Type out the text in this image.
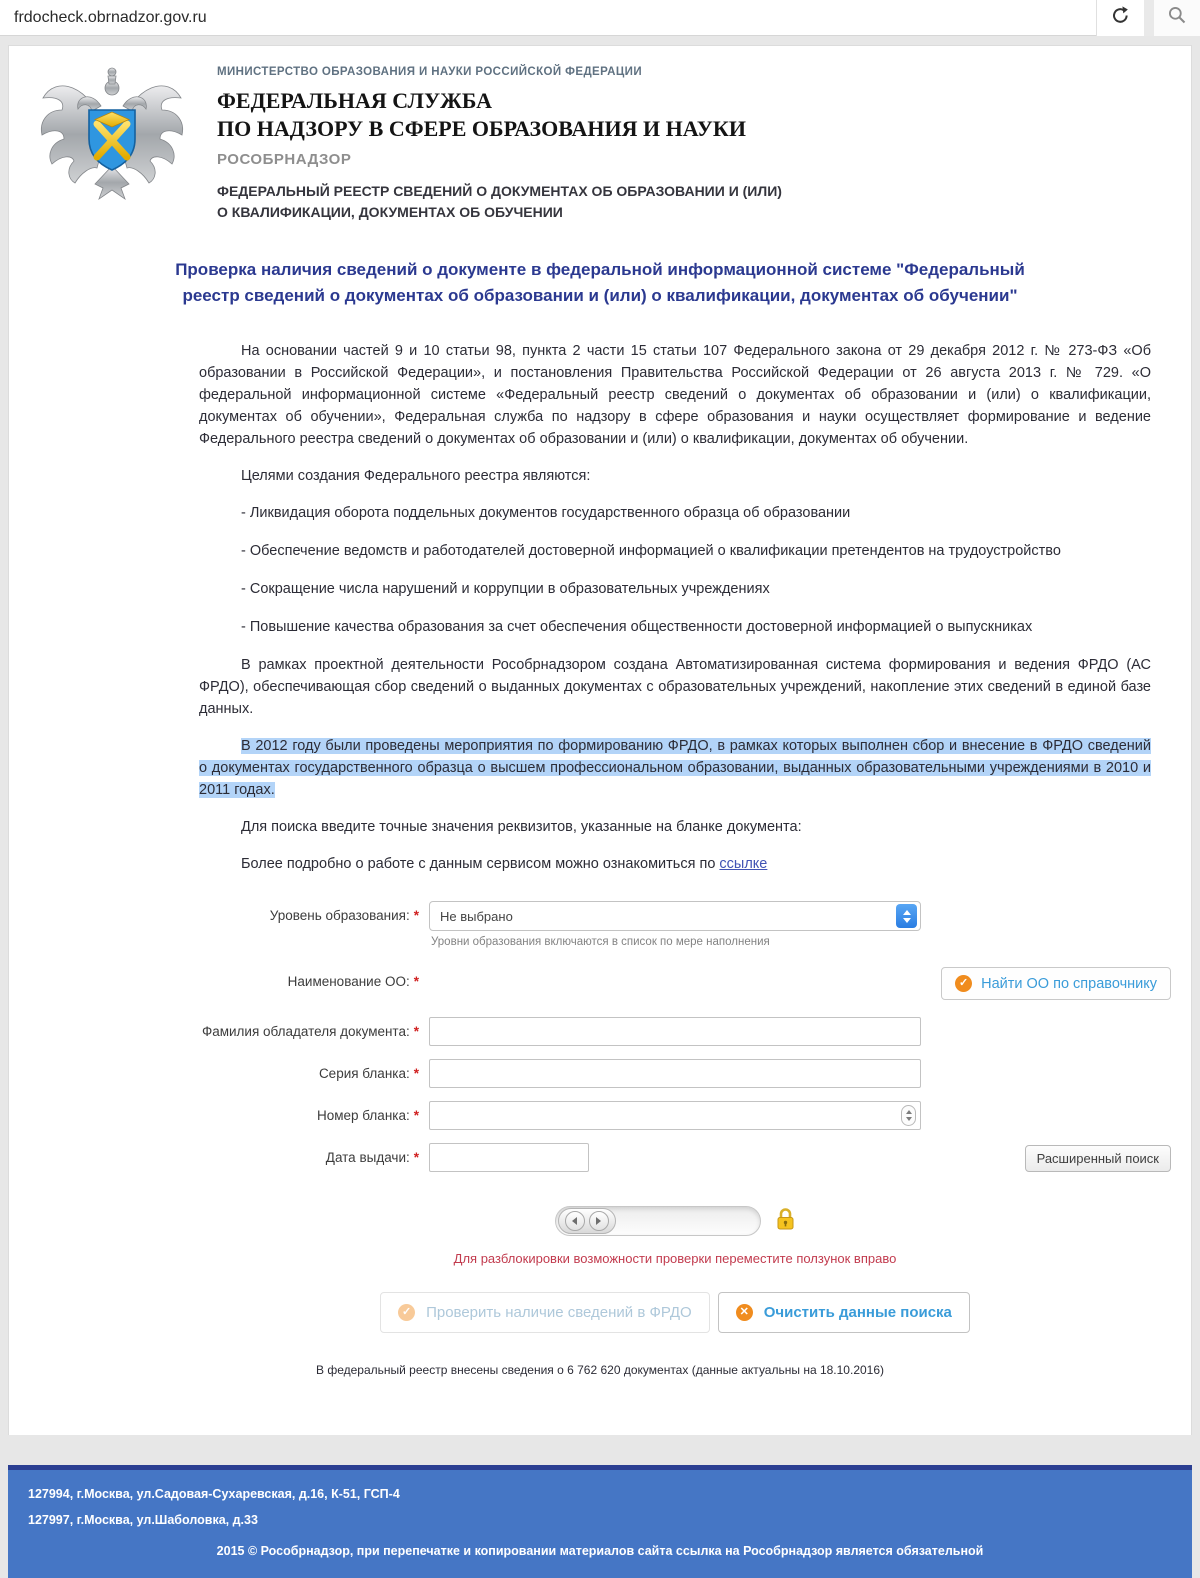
frdocheck.obrnadzor.gov.ru
МИНИСТЕРСТВО ОБРАЗОВАНИЯ И НАУКИ РОССИЙСКОЙ ФЕДЕРАЦИИ
ФЕДЕРАЛЬНАЯ СЛУЖБА
ПО НАДЗОРУ В СФЕРЕ ОБРАЗОВАНИЯ И НАУКИ
РОСОБРНАДЗОР
ФЕДЕРАЛЬНЫЙ РЕЕСТР СВЕДЕНИЙ О ДОКУМЕНТАХ ОБ ОБРАЗОВАНИИ И (ИЛИ)
О КВАЛИФИКАЦИИ, ДОКУМЕНТАХ ОБ ОБУЧЕНИИ
Проверка наличия сведений о документе в федеральной информационной системе "Федеральный реестр сведений о документах об образовании и (или) о квалификации, документах об обучении"

На основании частей 9 и 10 статьи 98, пункта 2 части 15 статьи 107 Федерального закона от 29 декабря 2012 г. № 273-ФЗ «Об образовании в Российской Федерации», и постановления Правительства Российской Федерации от 26 августа 2013 г. № 729. «О федеральной информационной системе «Федеральный реестр сведений о документах об образовании и (или) о квалификации, документах об обучении», Федеральная служба по надзору в сфере образования и науки осуществляет формирование и ведение Федерального реестра сведений о документах об образовании и (или) о квалификации, документах об обучении.

Целями создания Федерального реестра являются:

- Ликвидация оборота поддельных документов государственного образца об образовании

- Обеспечение ведомств и работодателей достоверной информацией о квалификации претендентов на трудоустройство

- Сокращение числа нарушений и коррупции в образовательных учреждениях

- Повышение качества образования за счет обеспечения общественности достоверной информацией о выпускниках

В рамках проектной деятельности Рособрнадзором создана Автоматизированная система формирования и ведения ФРДО (АС ФРДО), обеспечивающая сбор сведений о выданных документах с образовательных учреждений, накопление этих сведений в единой базе данных.

В 2012 году были проведены мероприятия по формированию ФРДО, в рамках которых выполнен сбор и внесение в ФРДО сведений о документах государственного образца о высшем профессиональном образовании, выданных образовательными учреждениями в 2010 и 2011 годах.

Для поиска введите точные значения реквизитов, указанные на бланке документа:

Более подробно о работе с данным сервисом можно ознакомиться по ссылке

Уровень образования: *	Не выбрано
Уровни образования включаются в список по мере наполнения
Наименование ОО: *	✓ Найти ОО по справочнику
Фамилия обладателя документа: *
Серия бланка: *
Номер бланка: *
Дата выдачи: *	Расширенный поиск
Для разблокировки возможности проверки переместите ползунок вправо
✓ Проверить наличие сведений в ФРДО	✕ Очистить данные поиска
В федеральный реестр внесены сведения о 6 762 620 документах (данные актуальны на 18.10.2016)
127994, г.Москва, ул.Садовая-Сухаревская, д.16, К-51, ГСП-4
127997, г.Москва, ул.Шаболовка, д.33
2015 © Рособрнадзор, при перепечатке и копировании материалов сайта ссылка на Рособрнадзор является обязательной
